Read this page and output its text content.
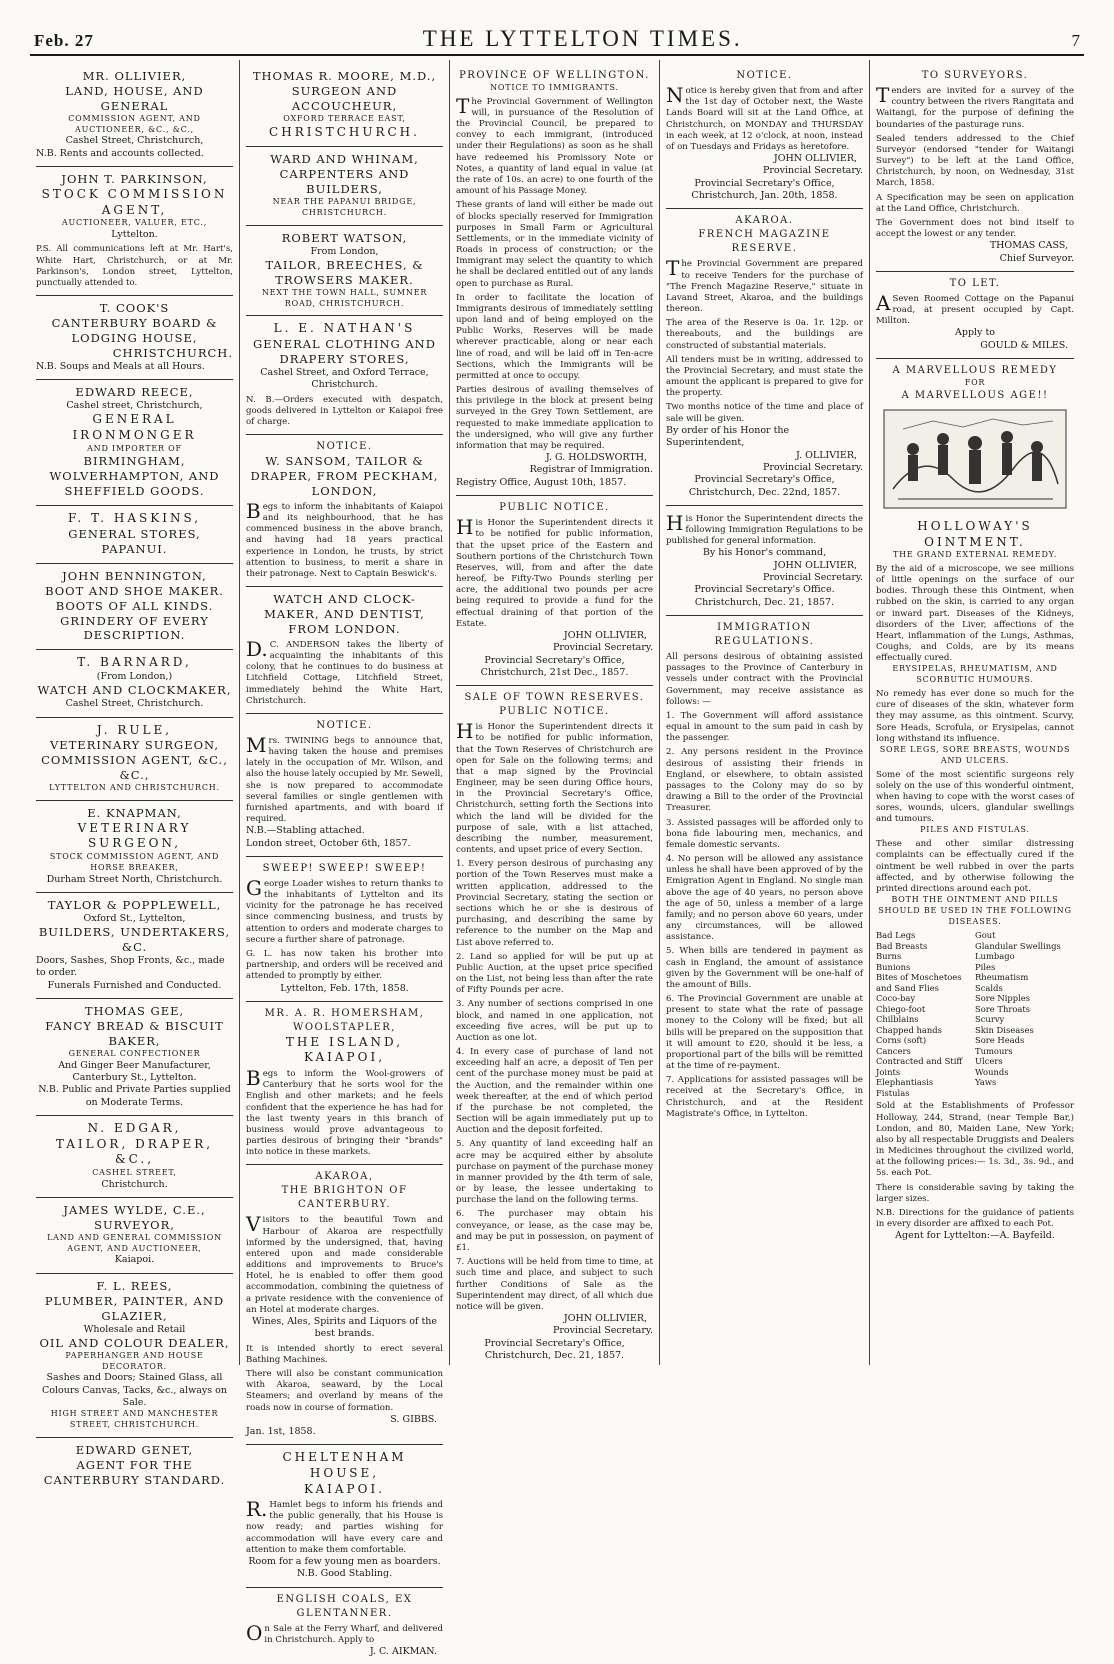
Feb. 27	THE LYTTELTON TIMES.	7
MR. OLLIVIER,
LAND, HOUSE, AND GENERAL
COMMISSION AGENT, AND AUCTIONEER, &C., &C.,
Cashel Street, Christchurch,
N.B. Rents and accounts collected.
JOHN T. PARKINSON,
STOCK COMMISSION AGENT,
AUCTIONEER, VALUER, ETC.,
Lyttelton.
P.S. All communications left at Mr. Hart's, White Hart, Christchurch, or at Mr. Parkinson's, London street, Lyttelton, punctually attended to.
T. COOK'S
CANTERBURY BOARD & LODGING HOUSE,
CHRISTCHURCH.
N.B. Soups and Meals at all Hours.
EDWARD REECE,
Cashel street, Christchurch,
GENERAL IRONMONGER
AND IMPORTER OF
BIRMINGHAM, WOLVERHAMPTON, AND SHEFFIELD GOODS.
F. T. HASKINS,
GENERAL STORES,
PAPANUI.
JOHN BENNINGTON,
BOOT AND SHOE MAKER.
BOOTS OF ALL KINDS.
GRINDERY OF EVERY DESCRIPTION.
T. BARNARD,
(From London,)
WATCH AND CLOCKMAKER,
Cashel Street, Christchurch.
J. RULE,
VETERINARY SURGEON, COMMISSION AGENT, &C., &C.,
LYTTELTON AND CHRISTCHURCH.
E. KNAPMAN,
VETERINARY SURGEON,
STOCK COMMISSION AGENT, AND HORSE BREAKER,
Durham Street North, Christchurch.
TAYLOR & POPPLEWELL,
Oxford St., Lyttelton,
BUILDERS, UNDERTAKERS, &C.
Doors, Sashes, Shop Fronts, &c., made to order.
Funerals Furnished and Conducted.
THOMAS GEE,
FANCY BREAD & BISCUIT BAKER,
GENERAL CONFECTIONER
And Ginger Beer Manufacturer,
Canterbury St., Lyttelton.
N.B. Public and Private Parties supplied on Moderate Terms.
N. EDGAR,
TAILOR, DRAPER, &C.,
CASHEL STREET,
Christchurch.
JAMES WYLDE, C.E.,
SURVEYOR,
LAND AND GENERAL COMMISSION AGENT, AND AUCTIONEER,
Kaiapoi.
F. L. REES,
PLUMBER, PAINTER, AND GLAZIER,
Wholesale and Retail
OIL AND COLOUR DEALER,
PAPERHANGER AND HOUSE DECORATOR.
Sashes and Doors; Stained Glass, all Colours Canvas, Tacks, &c., always on Sale.
HIGH STREET AND MANCHESTER STREET, CHRISTCHURCH.
EDWARD GENET,
AGENT FOR THE CANTERBURY STANDARD.
THOMAS R. MOORE, M.D.,
SURGEON AND ACCOUCHEUR,
OXFORD TERRACE EAST,
CHRISTCHURCH.
WARD AND WHINAM,
CARPENTERS AND BUILDERS,
NEAR THE PAPANUI BRIDGE,
CHRISTCHURCH.
ROBERT WATSON,
From London,
TAILOR, BREECHES, & TROWSERS MAKER.
NEXT THE TOWN HALL, SUMNER ROAD, CHRISTCHURCH.
L. E. NATHAN'S
GENERAL CLOTHING AND DRAPERY STORES,
Cashel Street, and Oxford Terrace, Christchurch.
N. B.—Orders executed with despatch, goods delivered in Lyttelton or Kaiapoi free of charge.
NOTICE.
W. SANSOM, TAILOR & DRAPER, FROM PECKHAM, LONDON,
Begs to inform the inhabitants of Kaiapoi and its neighbourhood, that he has commenced business in the above branch, and having had 18 years practical experience in London, he trusts, by strict attention to business, to merit a share in their patronage. Next to Captain Beswick's.
WATCH AND CLOCK-MAKER, AND DENTIST, FROM LONDON.
D.C. ANDERSON takes the liberty of acquainting the inhabitants of this colony, that he continues to do business at Litchfield Cottage, Litchfield Street, immediately behind the White Hart, Christchurch.
NOTICE.
Mrs. TWINING begs to announce that, having taken the house and premises lately in the occupation of Mr. Wilson, and also the house lately occupied by Mr. Sewell, she is now prepared to accommodate several families or single gentlemen with furnished apartments, and with board if required.
N.B.—Stabling attached.
London street, October 6th, 1857.
SWEEP! SWEEP! SWEEP!
George Loader wishes to return thanks to the inhabitants of Lyttelton and its vicinity for the patronage he has received since commencing business, and trusts by attention to orders and moderate charges to secure a further share of patronage.
G. L. has now taken his brother into partnership, and orders will be received and attended to promptly by either.
Lyttelton, Feb. 17th, 1858.
MR. A. R. HOMERSHAM, WOOLSTAPLER,
THE ISLAND, KAIAPOI,
Begs to inform the Wool-growers of Canterbury that he sorts wool for the English and other markets; and he feels confident that the experience he has had for the last twenty years in this branch of business would prove advantageous to parties desirous of bringing their "brands" into notice in these markets.
AKAROA,
THE BRIGHTON OF CANTERBURY.
Visitors to the beautiful Town and Harbour of Akaroa are respectfully informed by the undersigned, that, having entered upon and made considerable additions and improvements to Bruce's Hotel, he is enabled to offer them good accommodation, combining the quietness of a private residence with the convenience of an Hotel at moderate charges.
Wines, Ales, Spirits and Liquors of the best brands.
It is intended shortly to erect several Bathing Machines.
There will also be constant communication with Akaroa, seaward, by the Local Steamers; and overland by means of the roads now in course of formation.
S. GIBBS.
Jan. 1st, 1858.
CHELTENHAM HOUSE,
KAIAPOI.
R.Hamlet begs to inform his friends and the public generally, that his House is now ready; and parties wishing for accommodation will have every care and attention to make them comfortable.
Room for a few young men as boarders.
N.B. Good Stabling.
ENGLISH COALS, EX GLENTANNER.
On Sale at the Ferry Wharf, and delivered in Christchurch. Apply to
J. C. AIKMAN.
PROVINCE OF WELLINGTON.
NOTICE TO IMMIGRANTS.
The Provincial Government of Wellington will, in pursuance of the Resolution of the Provincial Council, be prepared to convey to each immigrant, (introduced under their Regulations) as soon as he shall have redeemed his Promissory Note or Notes, a quantity of land equal in value (at the rate of 10s. an acre) to one fourth of the amount of his Passage Money.
These grants of land will either be made out of blocks specially reserved for Immigration purposes in Small Farm or Agricultural Settlements, or in the immediate vicinity of Roads in process of construction; or the Immigrant may select the quantity to which he shall be declared entitled out of any lands open to purchase as Rural.
In order to facilitate the location of Immigrants desirous of immediately settling upon land and of being employed on the Public Works, Reserves will be made wherever practicable, along or near each line of road, and will be laid off in Ten-acre Sections, which the Immigrants will be permitted at once to occupy.
Parties desirous of availing themselves of this privilege in the block at present being surveyed in the Grey Town Settlement, are requested to make immediate application to the undersigned, who will give any further information that may be required.
J. G. HOLDSWORTH,
Registrar of Immigration.
Registry Office, August 10th, 1857.
PUBLIC NOTICE.
His Honor the Superintendent directs it to be notified for public information, that the upset price of the Eastern and Southern portions of the Christchurch Town Reserves, will, from and after the date hereof, be Fifty-Two Pounds sterling per acre, the additional two pounds per acre being required to provide a fund for the effectual draining of that portion of the Estate.
JOHN OLLIVIER,
Provincial Secretary.
Provincial Secretary's Office, Christchurch, 21st Dec., 1857.
SALE OF TOWN RESERVES.
PUBLIC NOTICE.
His Honor the Superintendent directs it to be notified for public information, that the Town Reserves of Christchurch are open for Sale on the following terms; and that a map signed by the Provincial Engineer, may be seen during Office hours, in the Provincial Secretary's Office, Christchurch, setting forth the Sections into which the land will be divided for the purpose of sale, with a list attached, describing the number, measurement, contents, and upset price of every Section.
1. Every person desirous of purchasing any portion of the Town Reserves must make a written application, addressed to the Provincial Secretary, stating the section or sections which he or she is desirous of purchasing, and describing the same by reference to the number on the Map and List above referred to.
2. Land so applied for will be put up at Public Auction, at the upset price specified on the List, not being less than after the rate of Fifty Pounds per acre.
3. Any number of sections comprised in one block, and named in one application, not exceeding five acres, will be put up to Auction as one lot.
4. In every case of purchase of land not exceeding half an acre, a deposit of Ten per cent of the purchase money must be paid at the Auction, and the remainder within one week thereafter, at the end of which period if the purchase be not completed, the Section will be again immediately put up to Auction and the deposit forfeited.
5. Any quantity of land exceeding half an acre may be acquired either by absolute purchase on payment of the purchase money in manner provided by the 4th term of sale, or by lease, the lessee undertaking to purchase the land on the following terms.
6. The purchaser may obtain his conveyance, or lease, as the case may be, and may be put in possession, on payment of £1.
7. Auctions will be held from time to time, at such time and place, and subject to such further Conditions of Sale as the Superintendent may direct, of all which due notice will be given.
JOHN OLLIVIER,
Provincial Secretary.
Provincial Secretary's Office, Christchurch, Dec. 21, 1857.
NOTICE.
Notice is hereby given that from and after the 1st day of October next, the Waste Lands Board will sit at the Land Office, at Christchurch, on MONDAY and THURSDAY in each week, at 12 o'clock, at noon, instead of on Tuesdays and Fridays as heretofore.
JOHN OLLIVIER,
Provincial Secretary.
Provincial Secretary's Office, Christchurch, Jan. 20th, 1858.
AKAROA.
FRENCH MAGAZINE RESERVE.
The Provincial Government are prepared to receive Tenders for the purchase of "The French Magazine Reserve," situate in Lavand Street, Akaroa, and the buildings thereon.
The area of the Reserve is 0a. 1r. 12p. or thereabouts, and the buildings are constructed of substantial materials.
All tenders must be in writing, addressed to the Provincial Secretary, and must state the amount the applicant is prepared to give for the property.
Two months notice of the time and place of sale will be given.
By order of his Honor the Superintendent,
J. OLLIVIER,
Provincial Secretary.
Provincial Secretary's Office, Christchurch, Dec. 22nd, 1857.
His Honor the Superintendent directs the following Immigration Regulations to be published for general information.
By his Honor's command,
JOHN OLLIVIER,
Provincial Secretary.
Provincial Secretary's Office. Christchurch, Dec. 21, 1857.
IMMIGRATION REGULATIONS.
All persons desirous of obtaining assisted passages to the Province of Canterbury in vessels under contract with the Provincial Government, may receive assistance as follows: —
1. The Government will afford assistance equal in amount to the sum paid in cash by the passenger.
2. Any persons resident in the Province desirous of assisting their friends in England, or elsewhere, to obtain assisted passages to the Colony may do so by drawing a Bill to the order of the Provincial Treasurer.
3. Assisted passages will be afforded only to bona fide labouring men, mechanics, and female domestic servants.
4. No person will be allowed any assistance unless he shall have been approved of by the Emigration Agent in England. No single man above the age of 40 years, no person above the age of 50, unless a member of a large family; and no person above 60 years, under any circumstances, will be allowed assistance.
5. When bills are tendered in payment as cash in England, the amount of assistance given by the Government will be one-half of the amount of Bills.
6. The Provincial Government are unable at present to state what the rate of passage money to the Colony will be fixed; but all bills will be prepared on the supposition that it will amount to £20, should it be less, a proportional part of the bills will be remitted at the time of re-payment.
7. Applications for assisted passages will be received at the Secretary's Office, in Christchurch, and at the Resident Magistrate's Office, in Lyttelton.
TO SURVEYORS.
Tenders are invited for a survey of the country between the rivers Rangitata and Waitangi, for the purpose of defining the boundaries of the pasturage runs.
Sealed tenders addressed to the Chief Surveyor (endorsed "tender for Waitangi Survey") to be left at the Land Office, Christchurch, by noon, on Wednesday, 31st March, 1858.
A Specification may be seen on application at the Land Office, Christchurch.
The Government does not bind itself to accept the lowest or any tender.
THOMAS CASS,
Chief Surveyor.
TO LET.
ASeven Roomed Cottage on the Papanui road, at present occupied by Capt. Millton.
Apply to
GOULD & MILES.
A MARVELLOUS REMEDY
FOR
A MARVELLOUS AGE!!
HOLLOWAY'S OINTMENT.
THE GRAND EXTERNAL REMEDY.
By the aid of a microscope, we see millions of little openings on the surface of our bodies. Through these this Ointment, when rubbed on the skin, is carried to any organ or inward part. Diseases of the Kidneys, disorders of the Liver, affections of the Heart, inflammation of the Lungs, Asthmas, Coughs, and Colds, are by its means effectually cured.
ERYSIPELAS, RHEUMATISM, AND SCORBUTIC HUMOURS.
No remedy has ever done so much for the cure of diseases of the skin, whatever form they may assume, as this ointment. Scurvy, Sore Heads, Scrofula, or Erysipelas, cannot long withstand its influence.
SORE LEGS, SORE BREASTS, WOUNDS AND ULCERS.
Some of the most scientific surgeons rely solely on the use of this wonderful ointment, when having to cope with the worst cases of sores, wounds, ulcers, glandular swellings and tumours.
PILES AND FISTULAS.
These and other similar distressing complaints can be effectually cured if the ointment be well rubbed in over the parts affected, and by otherwise following the printed directions around each pot.
BOTH THE OINTMENT AND PILLS SHOULD BE USED IN THE FOLLOWING DISEASES.
Bad Legs
Bad Breasts
Burns
Bunions
Bites of Moschetoes and Sand Flies
Coco-bay
Chiego-foot
Chilblains
Chapped hands
Corns (soft)
Cancers
Contracted and Stiff Joints
Elephantiasis
Fistulas
Gout
Glandular Swellings
Lumbago
Piles
Rheumatism
Scalds
Sore Nipples
Sore Throats
Scurvy
Skin Diseases
Sore Heads
Tumours
Ulcers
Wounds
Yaws
Sold at the Establishments of Professor Holloway, 244, Strand, (near Temple Bar,) London, and 80, Maiden Lane, New York; also by all respectable Druggists and Dealers in Medicines throughout the civilized world, at the following prices:— 1s. 3d., 3s. 9d., and 5s. each Pot.
There is considerable saving by taking the larger sizes.
N.B. Directions for the guidance of patients in every disorder are affixed to each Pot.
Agent for Lyttelton:—A. Bayfeild.
